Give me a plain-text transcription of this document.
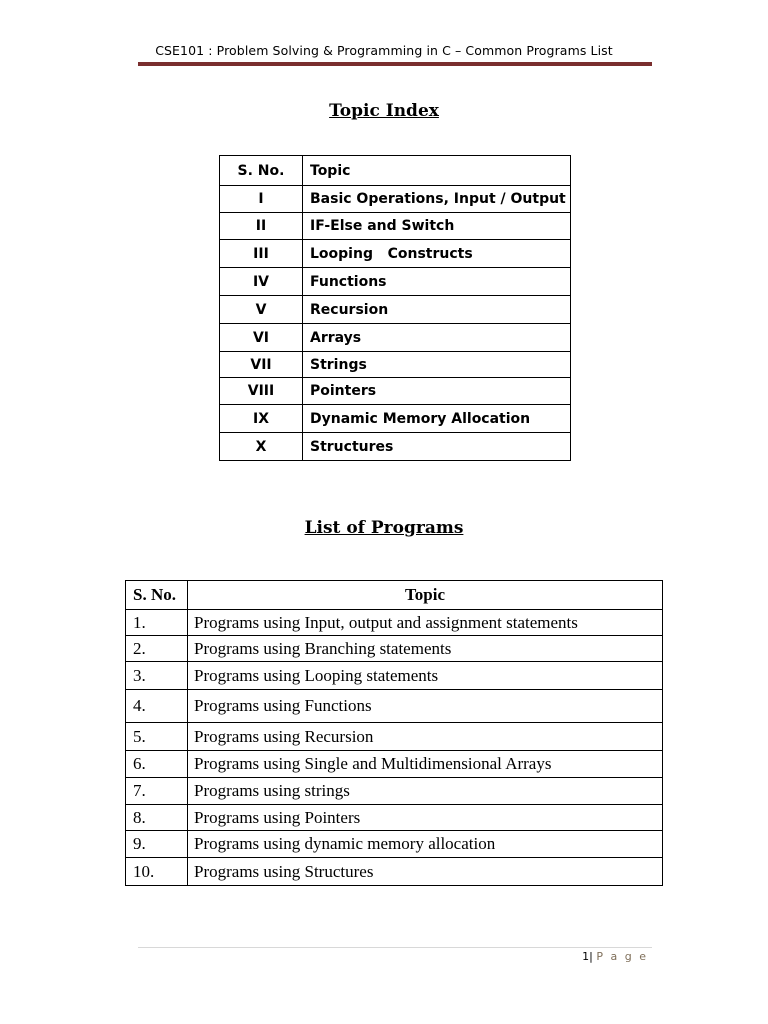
CSE101 : Problem Solving & Programming in C – Common Programs List
Topic Index
S. No.	Topic
I	Basic Operations, Input / Output
II	IF-Else and Switch
III	Looping   Constructs
IV	Functions
V	Recursion
VI	Arrays
VII	Strings
VIII	Pointers
IX	Dynamic Memory Allocation
X	Structures
List of Programs
S. No.	Topic
1.	Programs using Input, output and assignment statements
2.	Programs using Branching statements
3.	Programs using Looping statements
4.	Programs using Functions
5.	Programs using Recursion
6.	Programs using Single and Multidimensional Arrays
7.	Programs using strings
8.	Programs using Pointers
9.	Programs using dynamic memory allocation
10.	Programs using Structures
1| P a g e
